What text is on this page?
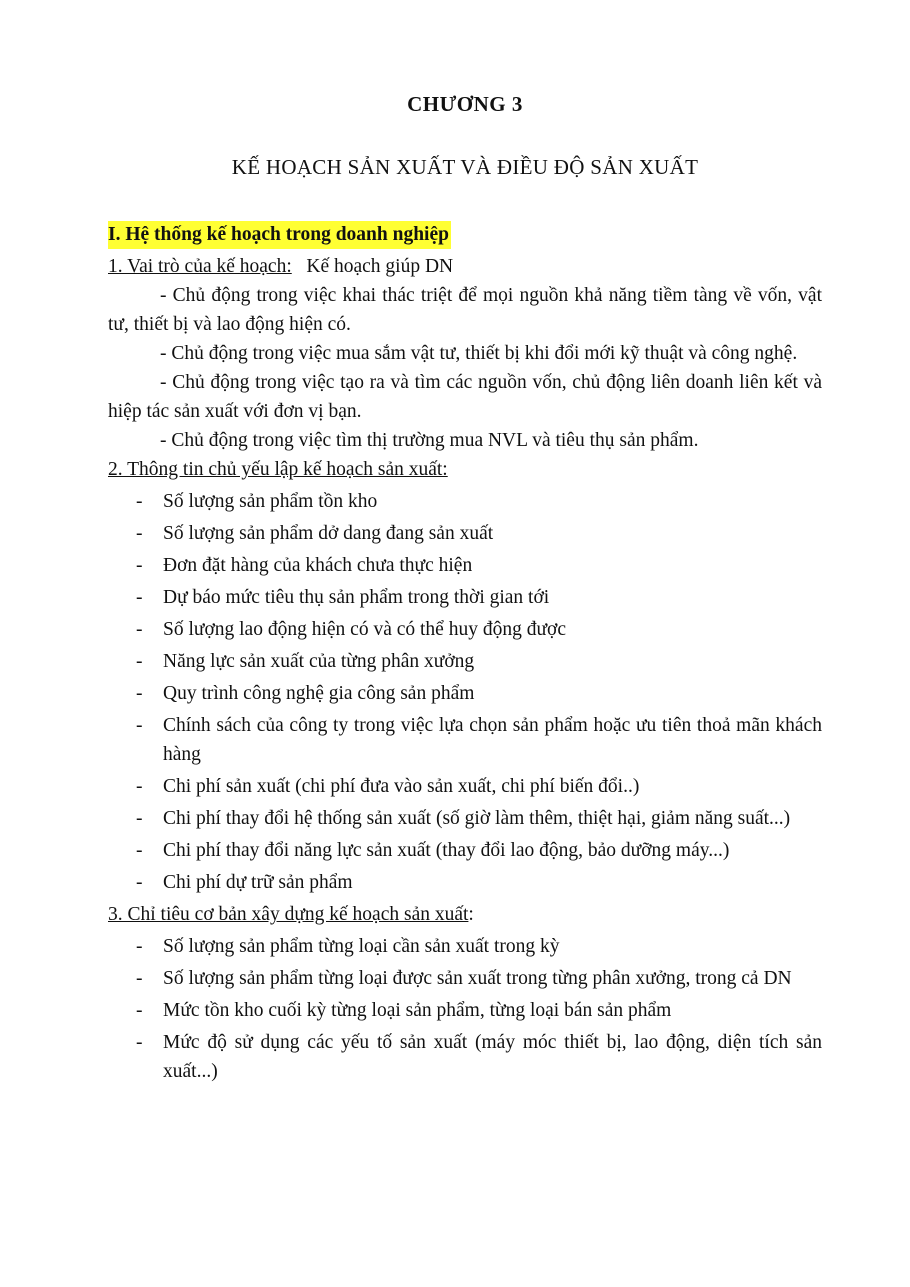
CHƯƠNG 3
KẾ HOẠCH SẢN XUẤT VÀ ĐIỀU ĐỘ SẢN XUẤT
I. Hệ thống kế hoạch trong doanh nghiệp
1. Vai trò của kế hoạch: Kế hoạch giúp DN

- Chủ động trong việc khai thác triệt để mọi nguồn khả năng tiềm tàng về vốn, vật tư, thiết bị và lao động hiện có.

- Chủ động trong việc mua sắm vật tư, thiết bị khi đổi mới kỹ thuật và công nghệ.

- Chủ động trong việc tạo ra và tìm các nguồn vốn, chủ động liên doanh liên kết và hiệp tác sản xuất với đơn vị bạn.

- Chủ động trong việc tìm thị trường mua NVL và tiêu thụ sản phẩm.

2. Thông tin chủ yếu lập kế hoạch sản xuất:
- Số lượng sản phẩm tồn kho
- Số lượng sản phẩm dở dang đang sản xuất
- Đơn đặt hàng của khách chưa thực hiện
- Dự báo mức tiêu thụ sản phẩm trong thời gian tới
- Số lượng lao động hiện có và có thể huy động được
- Năng lực sản xuất của từng phân xưởng
- Quy trình công nghệ gia công sản phẩm
- Chính sách của công ty trong việc lựa chọn sản phẩm hoặc ưu tiên thoả mãn khách hàng
- Chi phí sản xuất (chi phí đưa vào sản xuất, chi phí biến đổi..)
- Chi phí thay đổi hệ thống sản xuất (số giờ làm thêm, thiệt hại, giảm năng suất...)
- Chi phí thay đổi năng lực sản xuất (thay đổi lao động, bảo dưỡng máy...)
- Chi phí dự trữ sản phẩm
3. Chỉ tiêu cơ bản xây dựng kế hoạch sản xuất:
- Số lượng sản phẩm từng loại cần sản xuất trong kỳ
- Số lượng sản phẩm từng loại được sản xuất trong từng phân xưởng, trong cả DN
- Mức tồn kho cuối kỳ từng loại sản phẩm, từng loại bán sản phẩm
- Mức độ sử dụng các yếu tố sản xuất (máy móc thiết bị, lao động, diện tích sản xuất...)
